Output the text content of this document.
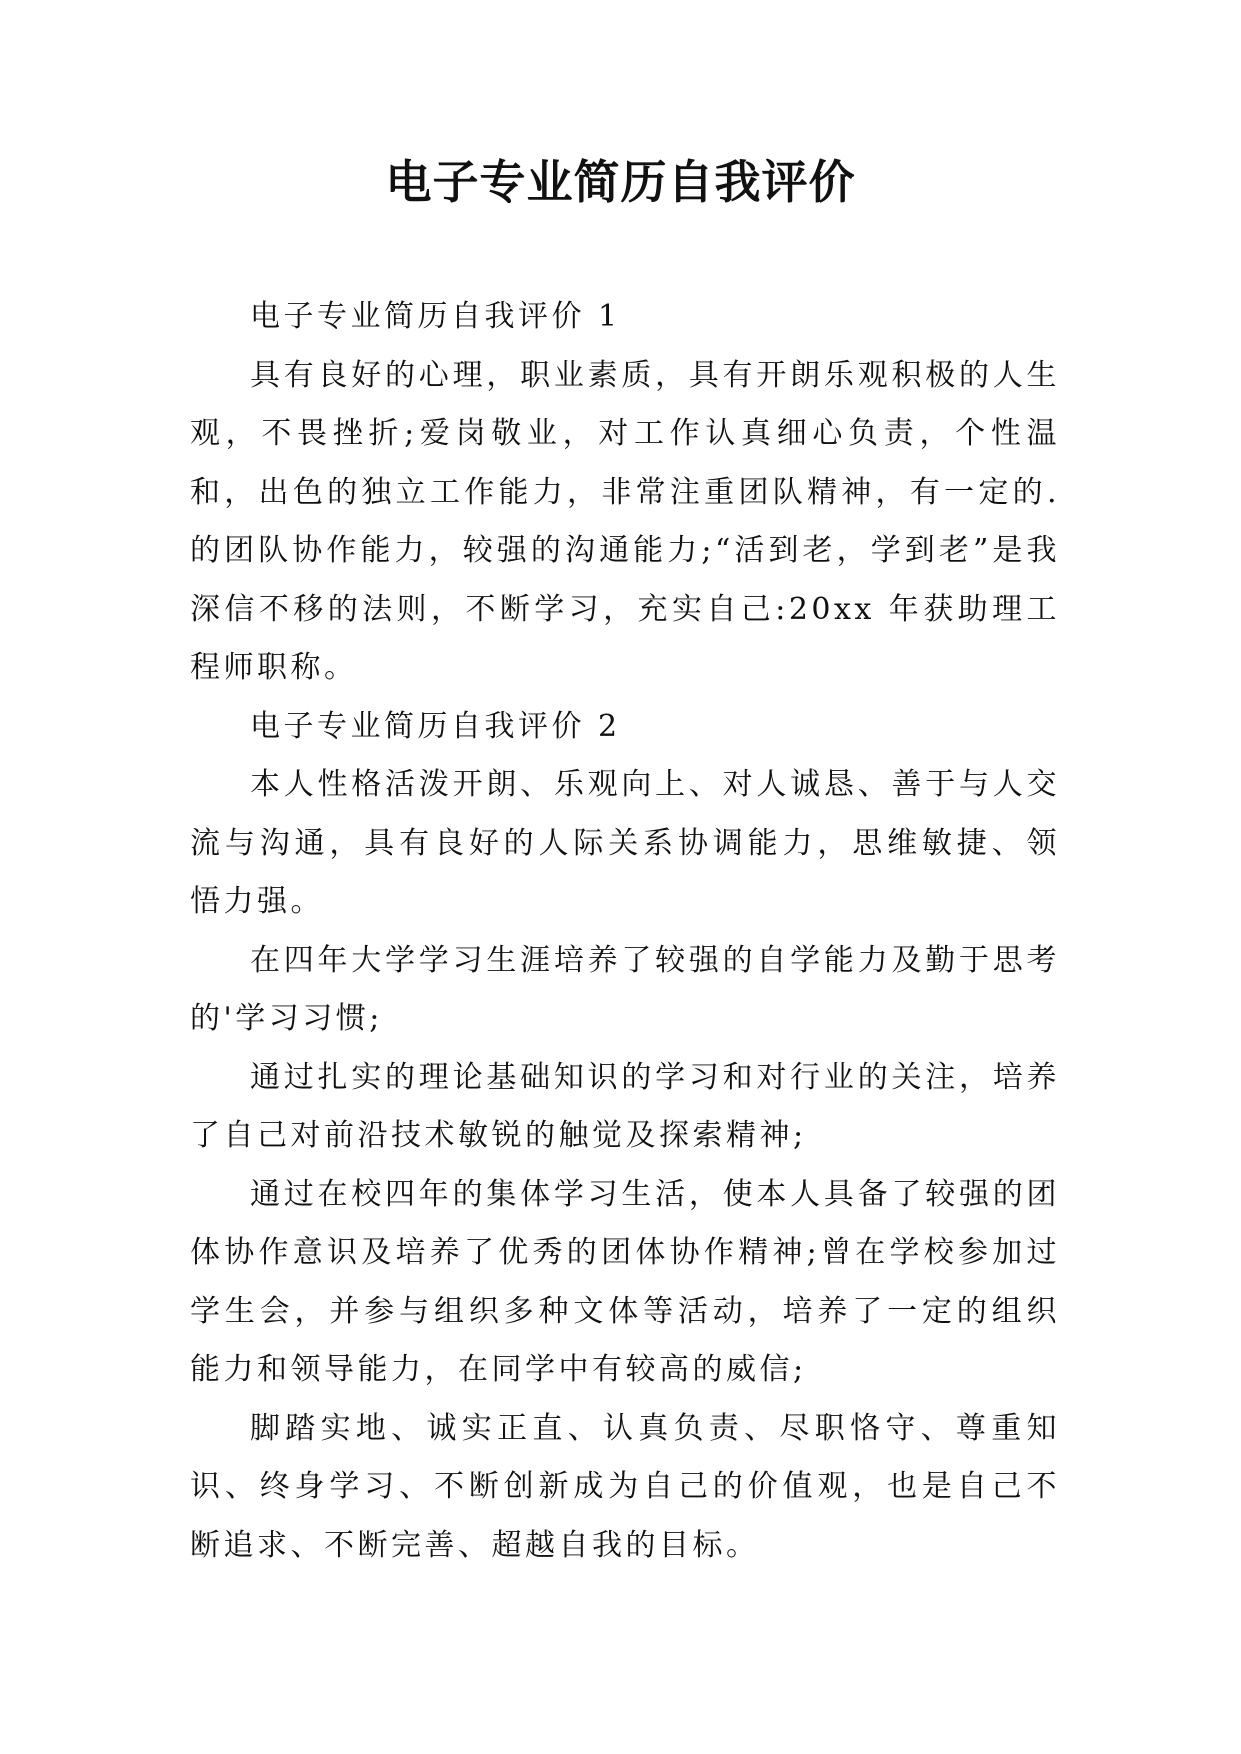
电子专业简历自我评价

电子专业简历自我评价 1

具有良好的心理，职业素质，具有开朗乐观积极的人生观，不畏挫折;爱岗敬业，对工作认真细心负责，个性温和，出色的独立工作能力，非常注重团队精神，有一定的.的团队协作能力，较强的沟通能力;“活到老，学到老”是我深信不移的法则，不断学习，充实自己:20xx 年获助理工程师职称。

电子专业简历自我评价 2

本人性格活泼开朗、乐观向上、对人诚恳、善于与人交流与沟通，具有良好的人际关系协调能力，思维敏捷、领悟力强。

在四年大学学习生涯培养了较强的自学能力及勤于思考的'学习习惯;

通过扎实的理论基础知识的学习和对行业的关注，培养了自己对前沿技术敏锐的触觉及探索精神;

通过在校四年的集体学习生活，使本人具备了较强的团体协作意识及培养了优秀的团体协作精神;曾在学校参加过学生会，并参与组织多种文体等活动，培养了一定的组织能力和领导能力，在同学中有较高的威信;

脚踏实地、诚实正直、认真负责、尽职恪守、尊重知识、终身学习、不断创新成为自己的价值观，也是自己不断追求、不断完善、超越自我的目标。
